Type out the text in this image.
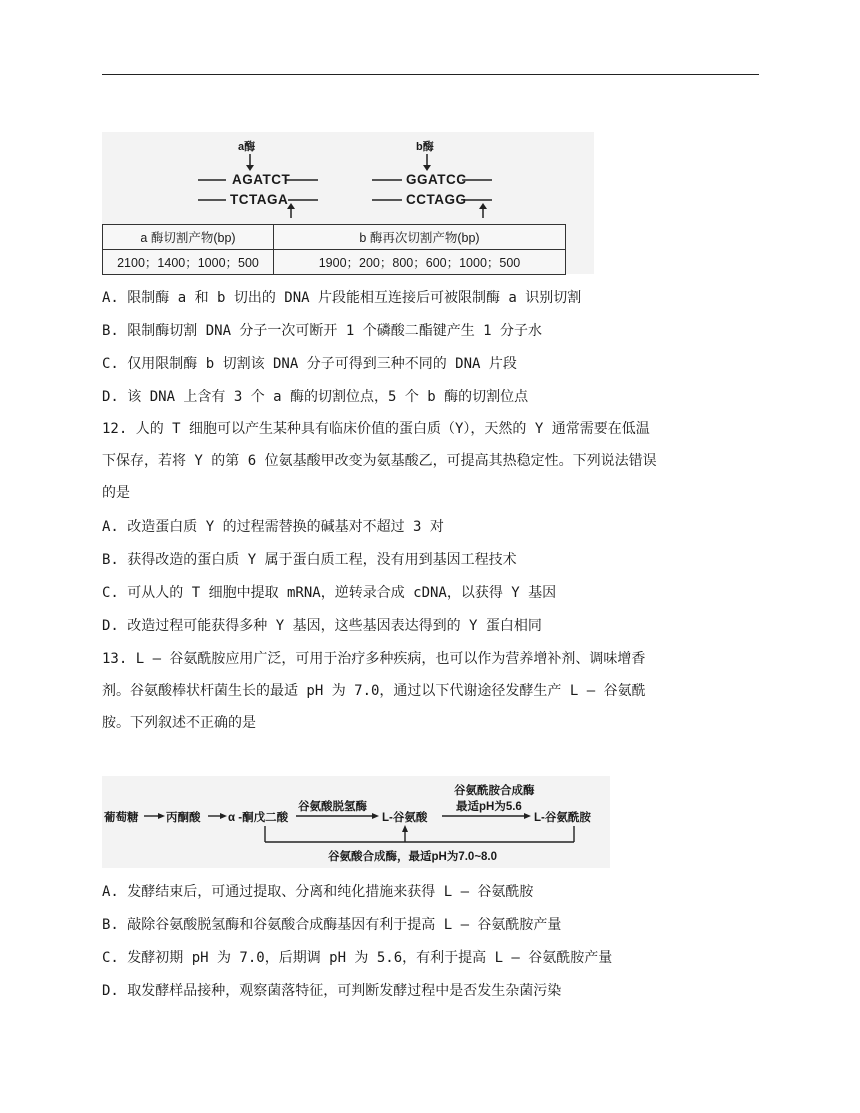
a酶	b酶
AGATCT
TCTAGA
GGATCC
CCTAGG
a 酶切割产物(bp)	b 酶再次切割产物(bp)
2100；1400；1000；500	1900；200；800；600；1000；500
A. 限制酶 a 和 b 切出的 DNA 片段能相互连接后可被限制酶 a 识别切割
B. 限制酶切割 DNA 分子一次可断开 1 个磷酸二酯键产生 1 分子水
C. 仅用限制酶 b 切割该 DNA 分子可得到三种不同的 DNA 片段
D. 该 DNA 上含有 3 个 a 酶的切割位点，5 个 b 酶的切割位点
12. 人的 T 细胞可以产生某种具有临床价值的蛋白质（Y），天然的 Y 通常需要在低温
下保存，若将 Y 的第 6 位氨基酸甲改变为氨基酸乙，可提高其热稳定性。下列说法错误
的是
A. 改造蛋白质 Y 的过程需替换的碱基对不超过 3 对
B. 获得改造的蛋白质 Y 属于蛋白质工程，没有用到基因工程技术
C. 可从人的 T 细胞中提取 mRNA，逆转录合成 cDNA，以获得 Y 基因
D. 改造过程可能获得多种 Y 基因，这些基因表达得到的 Y 蛋白相同
13. L – 谷氨酰胺应用广泛，可用于治疗多种疾病，也可以作为营养增补剂、调味增香
剂。谷氨酸棒状杆菌生长的最适 pH 为 7.0，通过以下代谢途径发酵生产 L – 谷氨酰
胺。下列叙述不正确的是
葡萄糖 丙酮酸 α -酮戊二酸
谷氨酸脱氢酶
L-谷氨酸
谷氨酰胺合成酶
最适pH为5.6
L-谷氨酰胺
谷氨酸合成酶，最适pH为7.0~8.0
A. 发酵结束后，可通过提取、分离和纯化措施来获得 L – 谷氨酰胺
B. 敲除谷氨酸脱氢酶和谷氨酸合成酶基因有利于提高 L – 谷氨酰胺产量
C. 发酵初期 pH 为 7.0，后期调 pH 为 5.6，有利于提高 L – 谷氨酰胺产量
D. 取发酵样品接种，观察菌落特征，可判断发酵过程中是否发生杂菌污染
